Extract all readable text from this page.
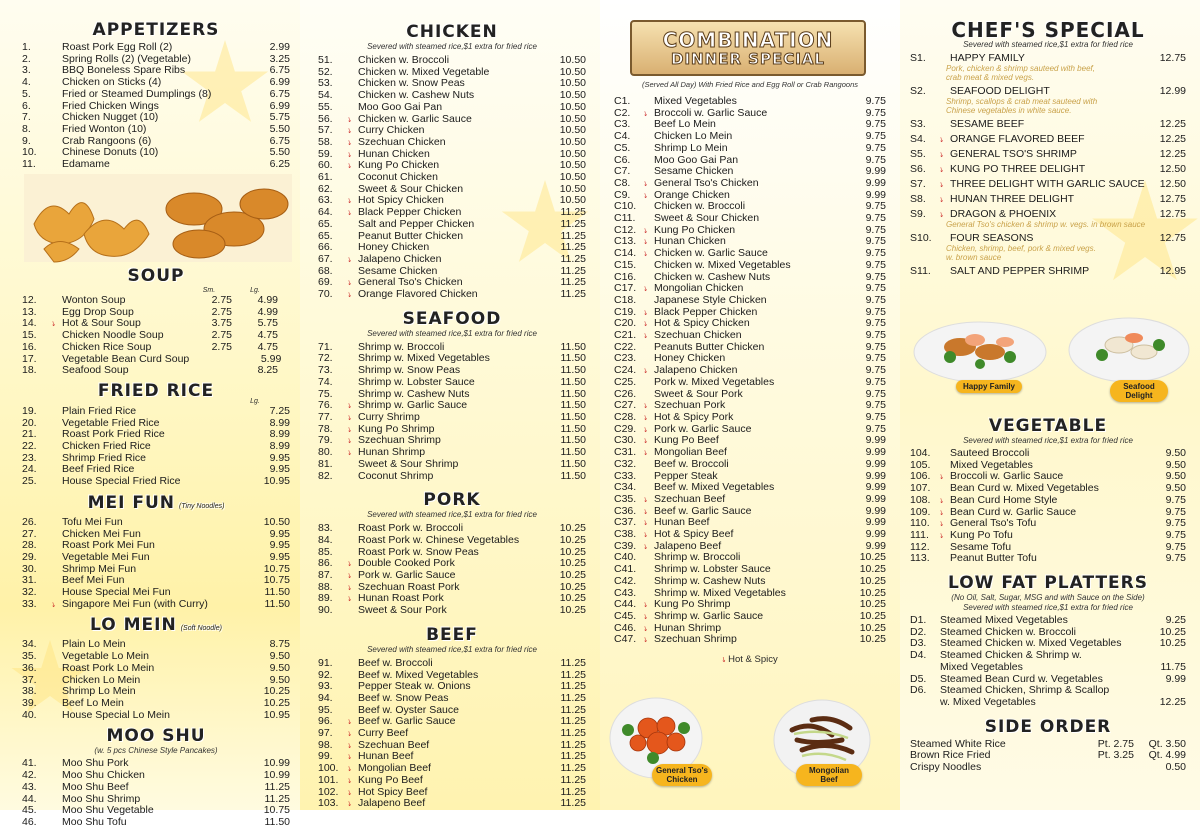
APPETIZERS
1.	Roast Pork Egg Roll (2)	2.99
2.	Spring Rolls (2) (Vegetable)	3.25
3.	BBQ Boneless Spare Ribs	6.75
4.	Chicken on Sticks (4)	6.99
5.	Fried or Steamed Dumplings (8)	6.75
6.	Fried Chicken Wings	6.99
7.	Chicken Nugget (10)	5.75
8.	Fried Wonton (10)	5.50
9.	Crab Rangoons (6)	6.75
10.	Chinese Donuts (10)	5.50
11.	Edamame	6.25
SOUP
Sm.	Lg.
12.	Wonton Soup	2.75	4.99
13.	Egg Drop Soup	2.75	4.99
14.	⭏ Hot & Sour Soup	3.75	5.75
15.	Chicken Noodle Soup	2.75	4.75
16.	Chicken Rice Soup	2.75	4.75
17.	Vegetable Bean Curd Soup	5.99
18.	Seafood Soup	8.25
FRIED RICE
Lg.
19.	Plain Fried Rice	7.25
20.	Vegetable Fried Rice	8.99
21.	Roast Pork Fried Rice	8.99
22.	Chicken Fried Rice	8.99
23.	Shrimp Fried Rice	9.95
24.	Beef Fried Rice	9.95
25.	House Special Fried Rice	10.95
MEI FUN (Tiny Noodles)
26.	Tofu Mei Fun	10.50
27.	Chicken Mei Fun	9.95
28.	Roast Pork Mei Fun	9.95
29.	Vegetable Mei Fun	9.95
30.	Shrimp Mei Fun	10.75
31.	Beef Mei Fun	10.75
32.	House Special Mei Fun	11.50
33.	⭏ Singapore Mei Fun (with Curry)	11.50
LO MEIN (Soft Noodle)
34.	Plain Lo Mein	8.75
35.	Vegetable Lo Mein	9.50
36.	Roast Pork Lo Mein	9.50
37.	Chicken Lo Mein	9.50
38.	Shrimp Lo Mein	10.25
39.	Beef Lo Mein	10.25
40.	House Special Lo Mein	10.95
MOO SHU
(w. 5 pcs Chinese Style Pancakes)
41.	Moo Shu Pork	10.99
42.	Moo Shu Chicken	10.99
43.	Moo Shu Beef	11.25
44.	Moo Shu Shrimp	11.25
45.	Moo Shu Vegetable	10.75
46.	Moo Shu Tofu	11.50
CHICKEN
Severed with steamed rice,$1 extra for fried rice
51.	Chicken w. Broccoli	10.50
52.	Chicken w. Mixed Vegetable	10.50
53.	Chicken w. Snow Peas	10.50
54.	Chicken w. Cashew Nuts	10.50
55.	Moo Goo Gai Pan	10.50
56.	⭏ Chicken w. Garlic Sauce	10.50
57.	⭏ Curry Chicken	10.50
58.	⭏ Szechuan Chicken	10.50
59.	⭏ Hunan Chicken	10.50
60.	⭏ Kung Po Chicken	10.50
61.	Coconut Chicken	10.50
62.	Sweet & Sour Chicken	10.50
63.	⭏ Hot Spicy Chicken	10.50
64.	⭏ Black Pepper Chicken	11.25
65.	Salt and Pepper Chicken	11.25
65.	Peanut Butter Chicken	11.25
66.	Honey Chicken	11.25
67.	⭏ Jalapeno Chicken	11.25
68.	Sesame Chicken	11.25
69.	⭏ General Tso's Chicken	11.25
70.	⭏ Orange Flavored Chicken	11.25
SEAFOOD
Severed with steamed rice,$1 extra for fried rice
71.	Shrimp w. Broccoli	11.50
72.	Shrimp w. Mixed Vegetables	11.50
73.	Shrimp w. Snow Peas	11.50
74.	Shrimp w. Lobster Sauce	11.50
75.	Shrimp w. Cashew Nuts	11.50
76.	⭏ Shrimp w. Garlic Sauce	11.50
77.	⭏ Curry Shrimp	11.50
78.	⭏ Kung Po Shrimp	11.50
79.	⭏ Szechuan Shrimp	11.50
80.	⭏ Hunan Shrimp	11.50
81.	Sweet & Sour Shrimp	11.50
82.	Coconut Shrimp	11.50
PORK
Severed with steamed rice,$1 extra for fried rice
83.	Roast Pork w. Broccoli	10.25
84.	Roast Pork w. Chinese Vegetables	10.25
85.	Roast Pork w. Snow Peas	10.25
86.	⭏ Double Cooked Pork	10.25
87.	⭏ Pork w. Garlic Sauce	10.25
88.	⭏ Szechuan Roast Pork	10.25
89.	⭏ Hunan Roast Pork	10.25
90.	Sweet & Sour Pork	10.25
BEEF
Severed with steamed rice,$1 extra for fried rice
91.	Beef w. Broccoli	11.25
92.	Beef w. Mixed Vegetables	11.25
93.	Pepper Steak w. Onions	11.25
94.	Beef w. Snow Peas	11.25
95.	Beef w. Oyster Sauce	11.25
96.	⭏ Beef w. Garlic Sauce	11.25
97.	⭏ Curry Beef	11.25
98.	⭏ Szechuan Beef	11.25
99.	⭏ Hunan Beef	11.25
100.	⭏ Mongolian Beef	11.25
101.	⭏ Kung Po Beef	11.25
102.	⭏ Hot Spicy Beef	11.25
103.	⭏ Jalapeno Beef	11.25
COMBINATION
DINNER SPECIAL
(Served All Day) With Fried Rice and Egg Roll or Crab Rangoons
C1.	Mixed Vegetables	9.75
C2.	⭏ Broccoli w. Garlic Sauce	9.75
C3.	Beef Lo Mein	9.75
C4.	Chicken Lo Mein	9.75
C5.	Shrimp Lo Mein	9.75
C6.	Moo Goo Gai Pan	9.75
C7.	Sesame Chicken	9.99
C8.	⭏ General Tso's Chicken	9.99
C9.	⭏ Orange Chicken	9.99
C10.	Chicken w. Broccoli	9.75
C11.	Sweet & Sour Chicken	9.75
C12. ⭏ Kung Po Chicken	9.75
C13. ⭏ Hunan Chicken	9.75
C14. ⭏ Chicken w. Garlic Sauce	9.75
C15.	Chicken w. Mixed Vegetables	9.75
C16.	Chicken w. Cashew Nuts	9.75
C17. ⭏ Mongolian Chicken	9.75
C18.	Japanese Style Chicken	9.75
C19. ⭏ Black Pepper Chicken	9.75
C20. ⭏ Hot & Spicy Chicken	9.75
C21. ⭏ Szechuan Chicken	9.75
C22.	Peanuts Butter Chicken	9.75
C23.	Honey Chicken	9.75
C24. ⭏ Jalapeno Chicken	9.75
C25.	Pork w. Mixed Vegetables	9.75
C26.	Sweet & Sour Pork	9.75
C27. ⭏ Szechuan Pork	9.75
C28. ⭏ Hot & Spicy Pork	9.75
C29. ⭏ Pork w. Garlic Sauce	9.75
C30. ⭏ Kung Po Beef	9.99
C31. ⭏ Mongolian Beef	9.99
C32.	Beef w. Broccoli	9.99
C33.	Pepper Steak	9.99
C34.	Beef w. Mixed Vegetables	9.99
C35. ⭏ Szechuan Beef	9.99
C36. ⭏ Beef w. Garlic Sauce	9.99
C37. ⭏ Hunan Beef	9.99
C38. ⭏ Hot & Spicy Beef	9.99
C39. ⭏ Jalapeno Beef	9.99
C40.	Shrimp w. Broccoli	10.25
C41.	Shrimp w. Lobster Sauce	10.25
C42.	Shrimp w. Cashew Nuts	10.25
C43.	Shrimp w. Mixed Vegetables	10.25
C44. ⭏ Kung Po Shrimp	10.25
C45. ⭏ Shrimp w. Garlic Sauce	10.25
C46. ⭏ Hunan Shrimp	10.25
C47. ⭏ Szechuan Shrimp	10.25
⭏ Hot & Spicy
General Tso's Chicken
Mongolian Beef
CHEF'S SPECIAL
Severed with steamed rice,$1 extra for fried rice
S1.	HAPPY FAMILY	12.75
Pork, chicken & shrimp sauteed with beef,
crab meat & mixed vegs.
S2.	SEAFOOD DELIGHT	12.99
Shrimp, scallops & crab meat sauteed with
Chinese vegetables in white sauce.
S3.	SESAME BEEF	12.25
S4.	⭏ ORANGE FLAVORED BEEF	12.25
S5.	⭏ GENERAL TSO'S SHRIMP	12.25
S6.	⭏ KUNG PO THREE DELIGHT	12.50
S7.	⭏ THREE DELIGHT WITH GARLIC SAUCE	12.50
S8.	⭏ HUNAN THREE DELIGHT	12.75
S9.	⭏ DRAGON & PHOENIX	12.75
General Tso's chicken & shrimp w. vegs. in brown sauce
S10.	FOUR SEASONS	12.75
Chicken, shrimp, beef, pork & mixed vegs.
w. brown sauce
S11.	SALT AND PEPPER SHRIMP	12.95
Happy Family	Seafood Delight
VEGETABLE
Severed with steamed rice,$1 extra for fried rice
104.	Sauteed Broccoli	9.50
105.	Mixed Vegetables	9.50
106.	⭏ Broccoli w. Garlic Sauce	9.50
107.	Bean Curd w. Mixed Vegetables	9.50
108.	⭏ Bean Curd Home Style	9.75
109.	⭏ Bean Curd w. Garlic Sauce	9.75
110.	⭏ General Tso's Tofu	9.75
111.	⭏ Kung Po Tofu	9.75
112.	Sesame Tofu	9.75
113.	Peanut Butter Tofu	9.75
LOW FAT PLATTERS
(No Oil, Salt, Sugar, MSG and with Sauce on the Side)
Severed with steamed rice,$1 extra for fried rice
D1.	Steamed Mixed Vegetables	9.25
D2.	Steamed Chicken w. Broccoli	10.25
D3.	Steamed Chicken w. Mixed Vegetables	10.25
D4.	Steamed Chicken & Shrimp w.
Mixed Vegetables	11.75
D5.	Steamed Bean Curd w. Vegetables	9.99
D6.	Steamed Chicken, Shrimp & Scallop
w. Mixed Vegetables	12.25
SIDE ORDER
Steamed White Rice	Pt. 2.75	Qt. 3.50
Brown Rice Fried	Pt. 3.25	Qt. 4.99
Crispy Noodles	0.50
